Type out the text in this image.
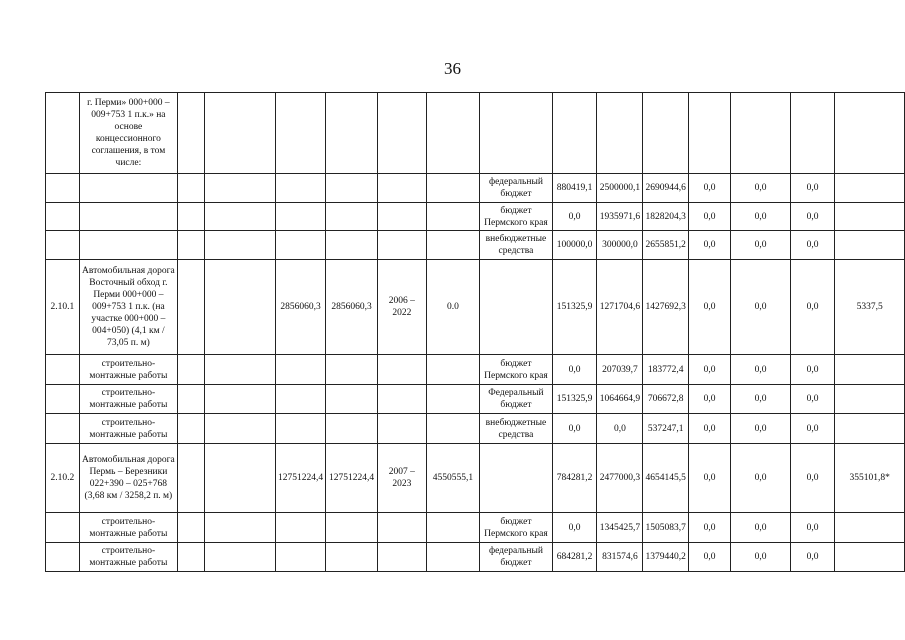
36
	г. Перми» 000+000 – 009+753 1 п.к.» на основе концессионного соглашения, в том числе:														
								федеральный бюджет	880419,1	2500000,1	2690944,6	0,0	0,0	0,0	
								бюджет Пермского края	0,0	1935971,6	1828204,3	0,0	0,0	0,0	
								внебюджетные средства	100000,0	300000,0	2655851,2	0,0	0,0	0,0	
2.10.1	Автомобильная дорога Восточный обход г. Перми 000+000 – 009+753 1 п.к. (на участке 000+000 – 004+050) (4,1 км / 73,05 п. м)			2856060,3	2856060,3	2006 – 2022	0.0		151325,9	1271704,6	1427692,3	0,0	0,0	0,0	5337,5
	строительно-монтажные работы							бюджет Пермского края	0,0	207039,7	183772,4	0,0	0,0	0,0	
	строительно-монтажные работы							Федеральный бюджет	151325,9	1064664,9	706672,8	0,0	0,0	0,0	
	строительно-монтажные работы							внебюджетные средства	0,0	0,0	537247,1	0,0	0,0	0,0	
2.10.2	Автомобильная дорога Пермь – Березники 022+390 – 025+768 (3,68 км / 3258,2 п. м)			12751224,4	12751224,4	2007 – 2023	4550555,1		784281,2	2477000,3	4654145,5	0,0	0,0	0,0	355101,8*
	строительно-монтажные работы							бюджет Пермского края	0,0	1345425,7	1505083,7	0,0	0,0	0,0	
	строительно-монтажные работы							федеральный бюджет	684281,2	831574,6	1379440,2	0,0	0,0	0,0	
